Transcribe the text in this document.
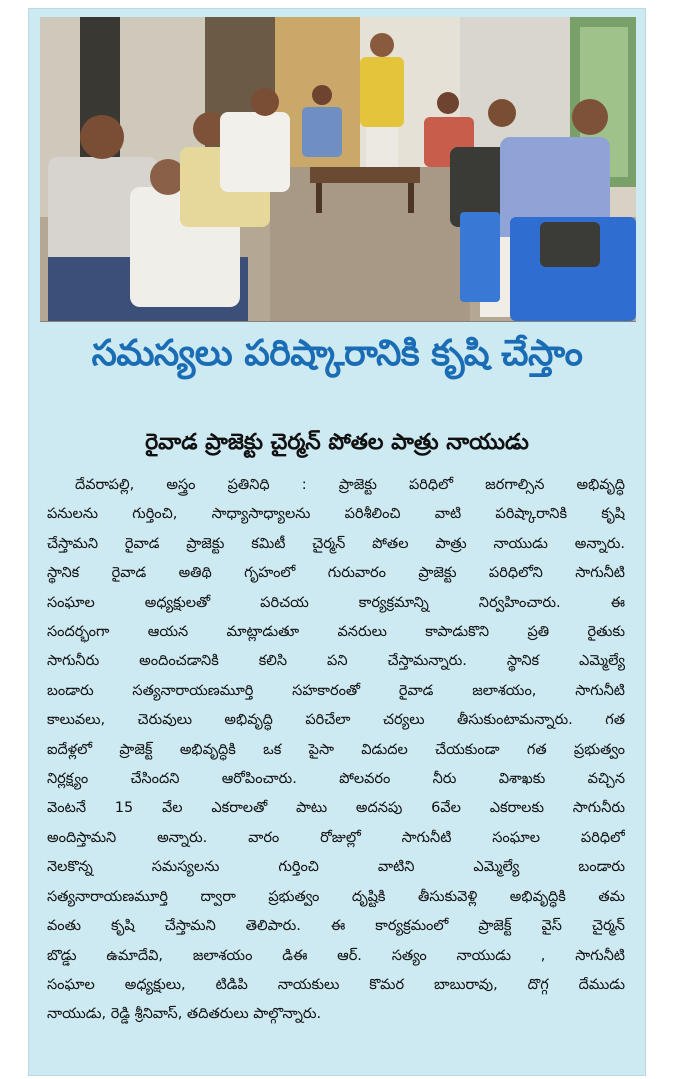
సమస్యలు పరిష్కారానికి కృషి చేస్తాం
రైవాడ ప్రాజెక్టు చైర్మన్ పోతల పాత్రు నాయుడు
దేవరాపల్లి, అస్త్రం ప్రతినిధి : ప్రాజెక్టు పరిధిలో జరగాల్సిన అభివృద్ధి
పనులను గుర్తించి, సాధ్యాసాధ్యాలను పరిశీలించి వాటి పరిష్కారానికి కృషి
చేస్తామని రైవాడ ప్రాజెక్టు కమిటీ చైర్మన్ పోతల పాత్రు నాయుడు అన్నారు.
స్థానిక రైవాడ అతిథి గృహంలో గురువారం ప్రాజెక్టు పరిధిలోని సాగునీటి
సంఘాల అధ్యక్షులతో పరిచయ కార్యక్రమాన్ని నిర్వహించారు. ఈ
సందర్భంగా ఆయన మాట్లాడుతూ వనరులు కాపాడుకొని ప్రతి రైతుకు
సాగునీరు అందించడానికి కలిసి పని చేస్తామన్నారు. స్థానిక ఎమ్మెల్యే
బండారు సత్యనారాయణమూర్తి సహకారంతో రైవాడ జలాశయం, సాగునీటి
కాలువలు, చెరువులు అభివృద్ధి పరిచేలా చర్యలు తీసుకుంటామన్నారు. గత
ఐదేళ్లలో ప్రాజెక్ట్ అభివృద్ధికి ఒక పైసా విడుదల చేయకుండా గత ప్రభుత్వం
నిర్లక్ష్యం చేసిందని ఆరోపించారు. పోలవరం నీరు విశాఖకు వచ్చిన
వెంటనే 15 వేల ఎకరాలతో పాటు అదనపు 6వేల ఎకరాలకు సాగునీరు
అందిస్తామని అన్నారు. వారం రోజుల్లో సాగునీటి సంఘాల పరిధిలో
నెలకొన్న సమస్యలను గుర్తించి వాటిని ఎమ్మెల్యే బండారు
సత్యనారాయణమూర్తి ద్వారా ప్రభుత్వం దృష్టికి తీసుకువెళ్లి అభివృద్ధికి తమ
వంతు కృషి చేస్తామని తెలిపారు. ఈ కార్యక్రమంలో ప్రాజెక్ట్ వైస్ చైర్మన్
బొడ్డు ఉమాదేవి, జలాశయం డిఈ ఆర్. సత్యం నాయుడు , సాగునీటి
సంఘాల అధ్యక్షులు, టిడిపి నాయకులు కొమర బాబురావు, దొగ్గ దేముడు
నాయుడు, రెడ్డి శ్రీనివాస్, తదితరులు పాల్గొన్నారు.
